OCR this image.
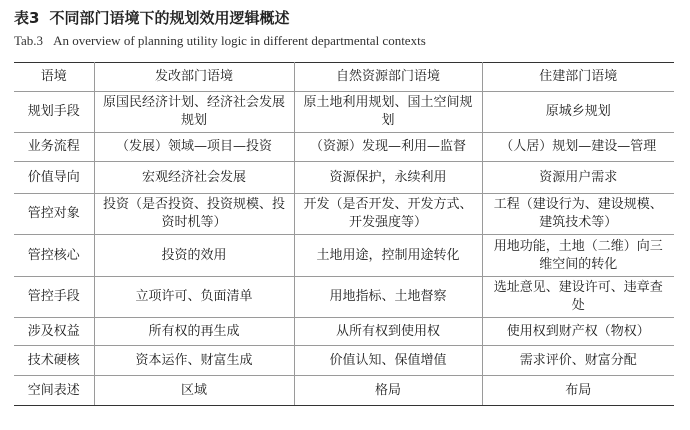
表3 不同部门语境下的规划效用逻辑概述
Tab.3 An overview of planning utility logic in different departmental contexts
语境	发改部门语境	自然资源部门语境	住建部门语境
规划手段	原国民经济计划、经济社会发展规划	原土地利用规划、国土空间规划	原城乡规划
业务流程	（发展）领域—项目—投资	（资源）发现—利用—监督	（人居）规划—建设—管理
价值导向	宏观经济社会发展	资源保护，永续利用	资源用户需求
管控对象	投资（是否投资、投资规模、投资时机等）	开发（是否开发、开发方式、开发强度等）	工程（建设行为、建设规模、建筑技术等）
管控核心	投资的效用	土地用途，控制用途转化	用地功能，土地（二维）向三维空间的转化
管控手段	立项许可、负面清单	用地指标、土地督察	选址意见、建设许可、违章查处
涉及权益	所有权的再生成	从所有权到使用权	使用权到财产权（物权）
技术硬核	资本运作、财富生成	价值认知、保值增值	需求评价、财富分配
空间表述	区域	格局	布局
